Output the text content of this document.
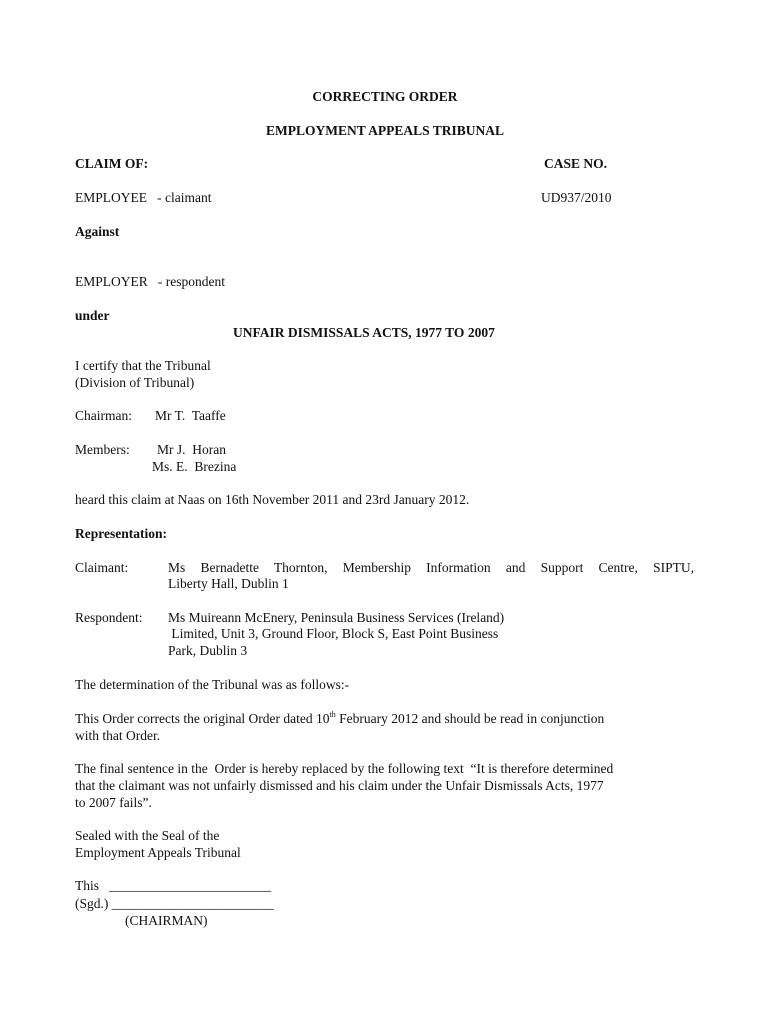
CORRECTING ORDER
EMPLOYMENT APPEALS TRIBUNAL
CLAIM OF:	CASE NO.
EMPLOYEE   - claimant	UD937/2010
Against
EMPLOYER   - respondent
under
UNFAIR DISMISSALS ACTS, 1977 TO 2007
I certify that the Tribunal
(Division of Tribunal)
Chairman: Mr T.  Taaffe
Members: Mr J.  Horan
Ms. E.  Brezina
heard this claim at Naas on 16th November 2011 and 23rd January 2012.
Representation:
Claimant:	Ms Bernadette Thornton, Membership Information and Support Centre, SIPTU,
Liberty Hall, Dublin 1
Respondent: Ms Muireann McEnery, Peninsula Business Services (Ireland)
Limited, Unit 3, Ground Floor, Block S, East Point Business
Park, Dublin 3
The determination of the Tribunal was as follows:-
This Order corrects the original Order dated 10th February 2012 and should be read in conjunction
with that Order.
The final sentence in the  Order is hereby replaced by the following text  “It is therefore determined
that the claimant was not unfairly dismissed and his claim under the Unfair Dismissals Acts, 1977
to 2007 fails”.
Sealed with the Seal of the
Employment Appeals Tribunal
This   ________________________
(Sgd.) ________________________
(CHAIRMAN)
